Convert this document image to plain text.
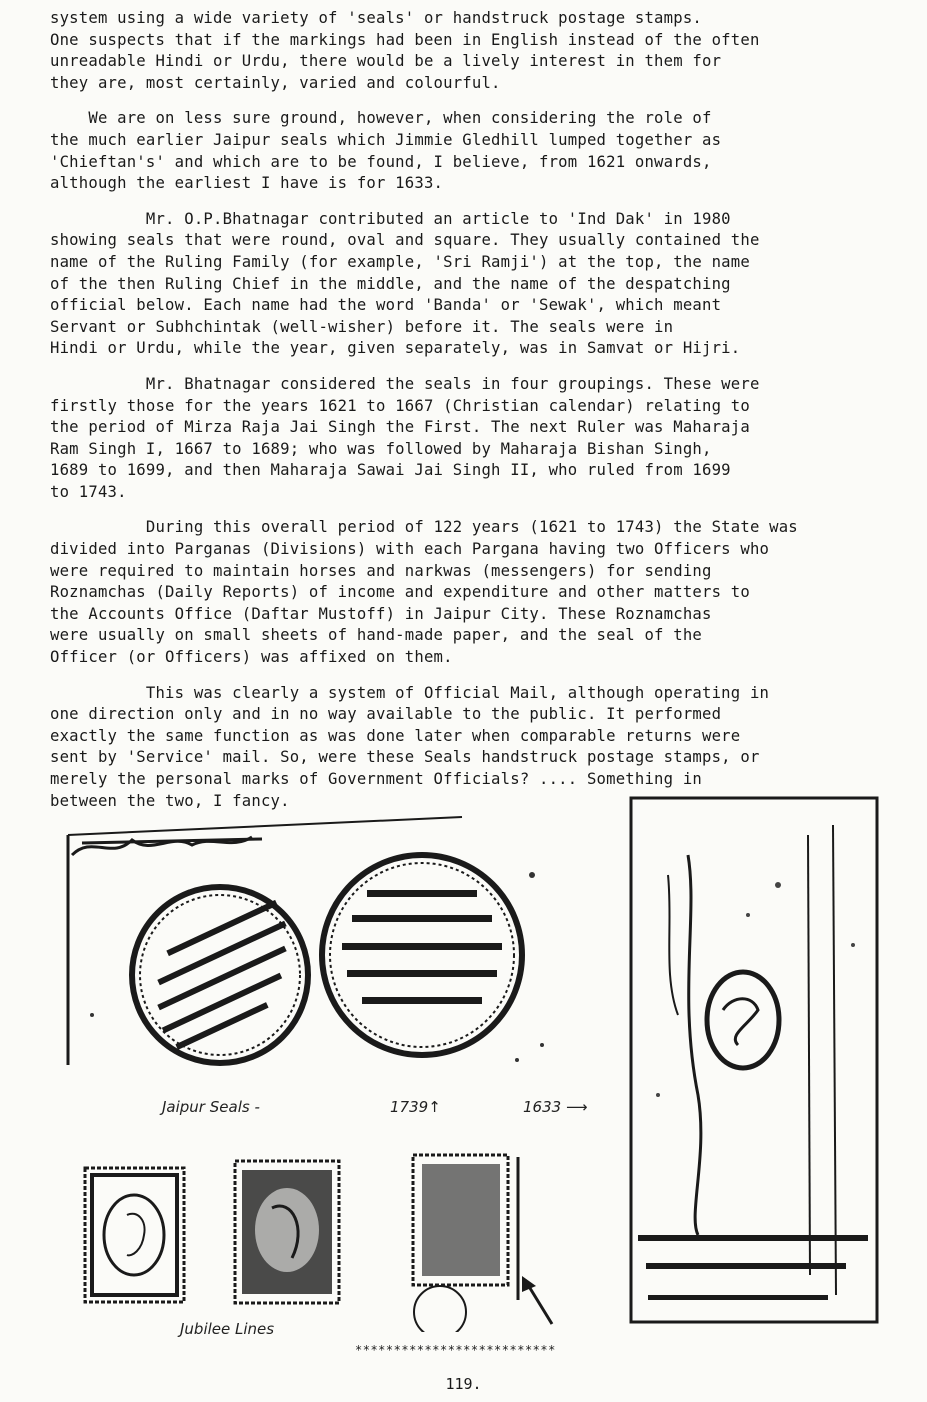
system using a wide variety of 'seals' or handstruck postage stamps.
One suspects that if the markings had been in English instead of the often
unreadable Hindi or Urdu, there would be a lively interest in them for
they are, most certainly, varied and colourful.
We are on less sure ground, however, when considering the role of
the much earlier Jaipur seals which Jimmie Gledhill lumped together as
'Chieftan's' and which are to be found, I believe, from 1621 onwards,
although the earliest I have is for 1633.
Mr. O.P.Bhatnagar contributed an article to 'Ind Dak' in 1980
showing seals that were round, oval and square. They usually contained the
name of the Ruling Family (for example, 'Sri Ramji') at the top, the name
of the then Ruling Chief in the middle, and the name of the despatching
official below. Each name had the word 'Banda' or 'Sewak', which meant
Servant or Subhchintak (well-wisher) before it. The seals were in
Hindi or Urdu, while the year, given separately, was in Samvat or Hijri.
Mr. Bhatnagar considered the seals in four groupings. These were
firstly those for the years 1621 to 1667 (Christian calendar) relating to
the period of Mirza Raja Jai Singh the First. The next Ruler was Maharaja
Ram Singh I, 1667 to 1689; who was followed by Maharaja Bishan Singh,
1689 to 1699, and then Maharaja Sawai Jai Singh II, who ruled from 1699
to 1743.
During this overall period of 122 years (1621 to 1743) the State was
divided into Parganas (Divisions) with each Pargana having two Officers who
were required to maintain horses and narkwas (messengers) for sending
Roznamchas (Daily Reports) of income and expenditure and other matters to
the Accounts Office (Daftar Mustoff) in Jaipur City. These Roznamchas
were usually on small sheets of hand-made paper, and the seal of the
Officer (or Officers) was affixed on them.
This was clearly a system of Official Mail, although operating in
one direction only and in no way available to the public. It performed
exactly the same function as was done later when comparable returns were
sent by 'Service' mail. So, were these Seals handstruck postage stamps, or
merely the personal marks of Government Officials? .... Something in
between the two, I fancy.
Jaipur Seals -	1739↑	1633 ⟶
Jubilee Lines
**************************
119.
